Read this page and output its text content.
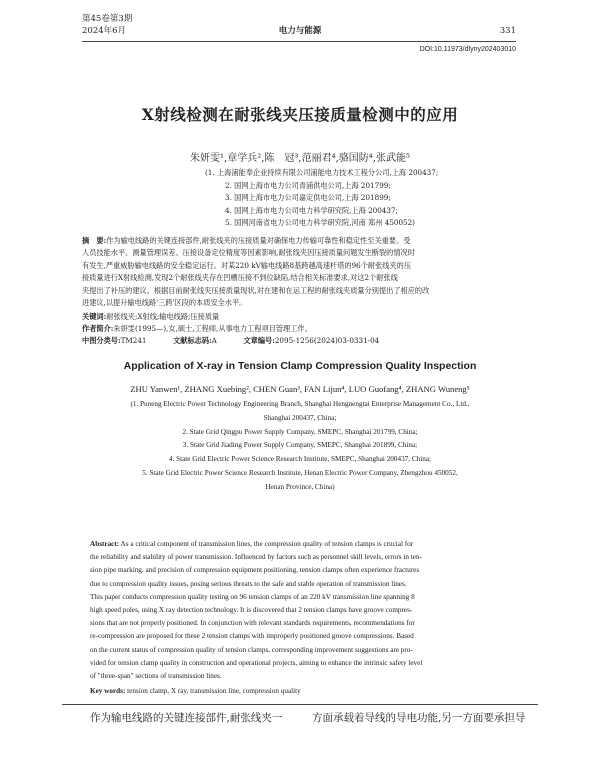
第45卷第3期
2024年6月	电力与能源	331
DOI:10.11973/dlyny202403010
X射线检测在耐张线夹压接质量检测中的应用
朱妍雯¹,章学兵²,陈　冠³,范丽君⁴,骆国防⁴,张武能⁵
(1. 上海浦能奉企业持续有限公司浦能电力技术工程分公司,上海 200437;
2. 国网上海市电力公司青浦供电公司,上海 201799;
3. 国网上海市电力公司嘉定供电公司,上海 201899;
4. 国网上海市电力公司电力科学研究院,上海 200437;
5. 国网河南省电力公司电力科学研究院,河南 郑州 450052)
摘　要:作为输电线路的关键连接部件,耐张线夹的压接质量对确保电力传输可靠性和稳定性至关重要。受
人员技能水平、测量管理误差、压接设备定位精度等因素影响,耐张线夹因压接质量问题发生断裂的情况时
有发生,严重威胁输电线路的安全稳定运行。对某220 kV输电线路8基跨越高速杆塔的96个耐张线夹的压
接质量进行X射线检测,发现2个耐张线夹存在凹槽压接不到位缺陷,结合相关标准要求,对这2个耐张线
夹提出了补压的建议。根据目前耐张线夹压接质量现状,对在建和在运工程的耐张线夹质量分别提出了相应的改
进建议,以提升输电线路'三跨'区段的本质安全水平。
关键词:耐张线夹;X射线;输电线路;压接质量
作者简介:朱妍雯(1995—),女,硕士,工程师,从事电力工程项目管理工作。
中图分类号:TM241	文献标志码:A	文章编号:2095-1256(2024)03-0331-04
Application of X-ray in Tension Clamp Compression Quality Inspection
ZHU Yanwen¹, ZHANG Xuebing², CHEN Guan³, FAN Lijun⁴, LUO Guofang⁴, ZHANG Wuneng⁵
(1. Puneng Electric Power Technology Engineering Branch, Shanghai Hengnengtai Enterprise Management Co., Ltd.,
Shanghai 200437, China;
2. State Grid Qingpu Power Supply Company, SMEPC, Shanghai 201799, China;
3. State Grid Jiading Power Supply Company, SMEPC, Shanghai 201899, China;
4. State Grid Electric Power Science Research Institute, SMEPC, Shanghai 200437, China;
5. State Grid Electric Power Science Research Institute, Henan Electric Power Company, Zhengzhou 450052,
Henan Province, China)
Abstract: As a critical component of transmission lines, the compression quality of tension clamps is crucial for
the reliability and stability of power transmission. Influenced by factors such as personnel skill levels, errors in ten-
sion pipe marking, and precision of compression equipment positioning, tension clamps often experience fractures
due to compression quality issues, posing serious threats to the safe and stable operation of transmission lines.
This paper conducts compression quality testing on 96 tension clamps of an 220 kV transmission line spanning 8
high speed poles, using X ray detection technology. It is discovered that 2 tension clamps have groove compres-
sions that are not properly positioned. In conjunction with relevant standards requirements, recommendations for
re-compression are proposed for these 2 tension clamps with improperly positioned groove compressions. Based
on the current status of compression quality of tension clamps, corresponding improvement suggestions are pro-
vided for tension clamp quality in construction and operational projects, aiming to enhance the intrinsic safety level
of "three-span" sections of transmission lines.
Key words: tension clamp, X ray, transmission line, compression quality
作为输电线路的关键连接部件,耐张线夹一	方面承载着导线的导电功能,另一方面要承担导
